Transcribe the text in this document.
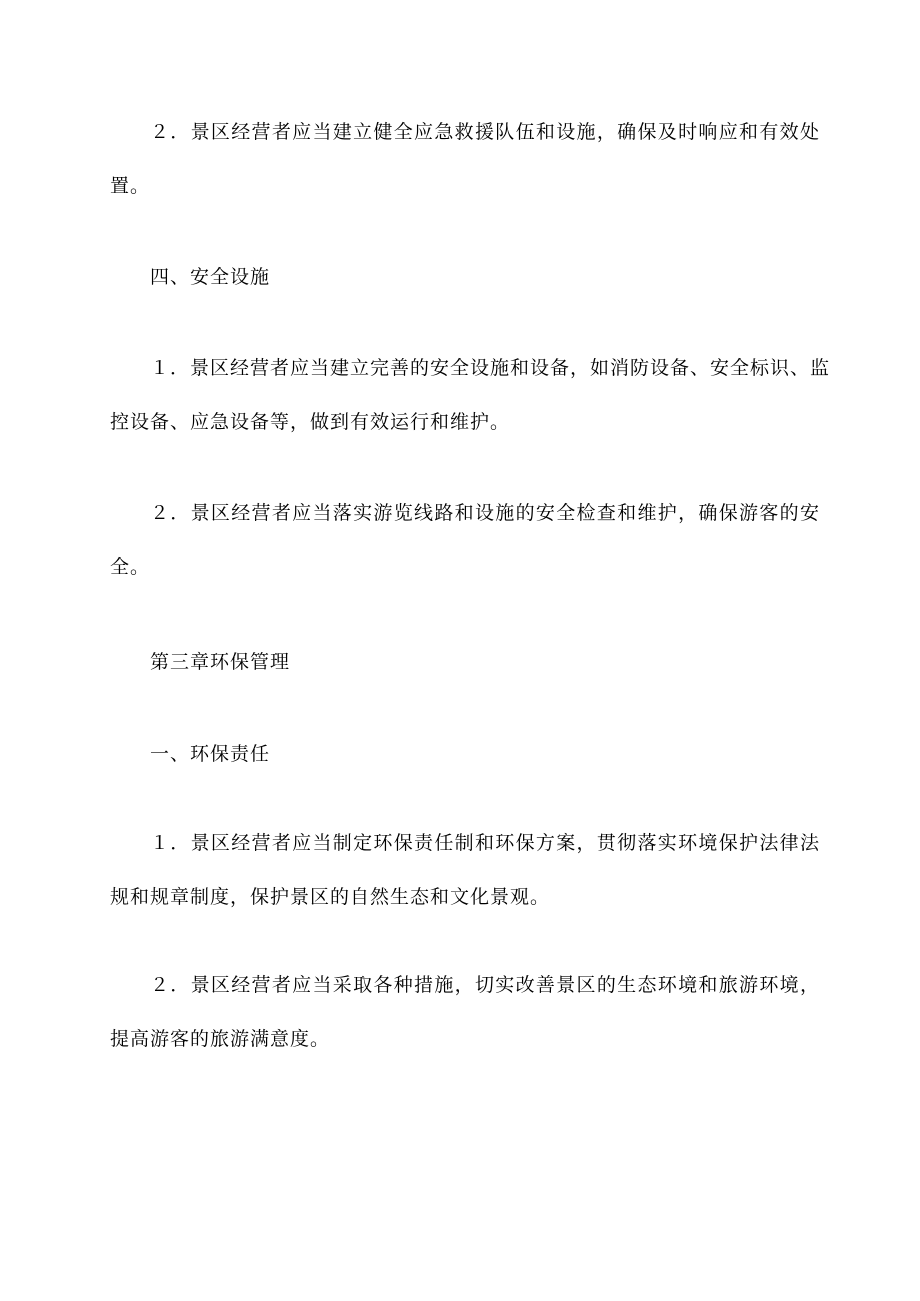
２．景区经营者应当建立健全应急救援队伍和设施，确保及时响应和有效处
置。
四、安全设施
１．景区经营者应当建立完善的安全设施和设备，如消防设备、安全标识、监
控设备、应急设备等，做到有效运行和维护。
２．景区经营者应当落实游览线路和设施的安全检查和维护，确保游客的安
全。
第三章环保管理
一、环保责任
１．景区经营者应当制定环保责任制和环保方案，贯彻落实环境保护法律法
规和规章制度，保护景区的自然生态和文化景观。
２．景区经营者应当采取各种措施，切实改善景区的生态环境和旅游环境，
提高游客的旅游满意度。
